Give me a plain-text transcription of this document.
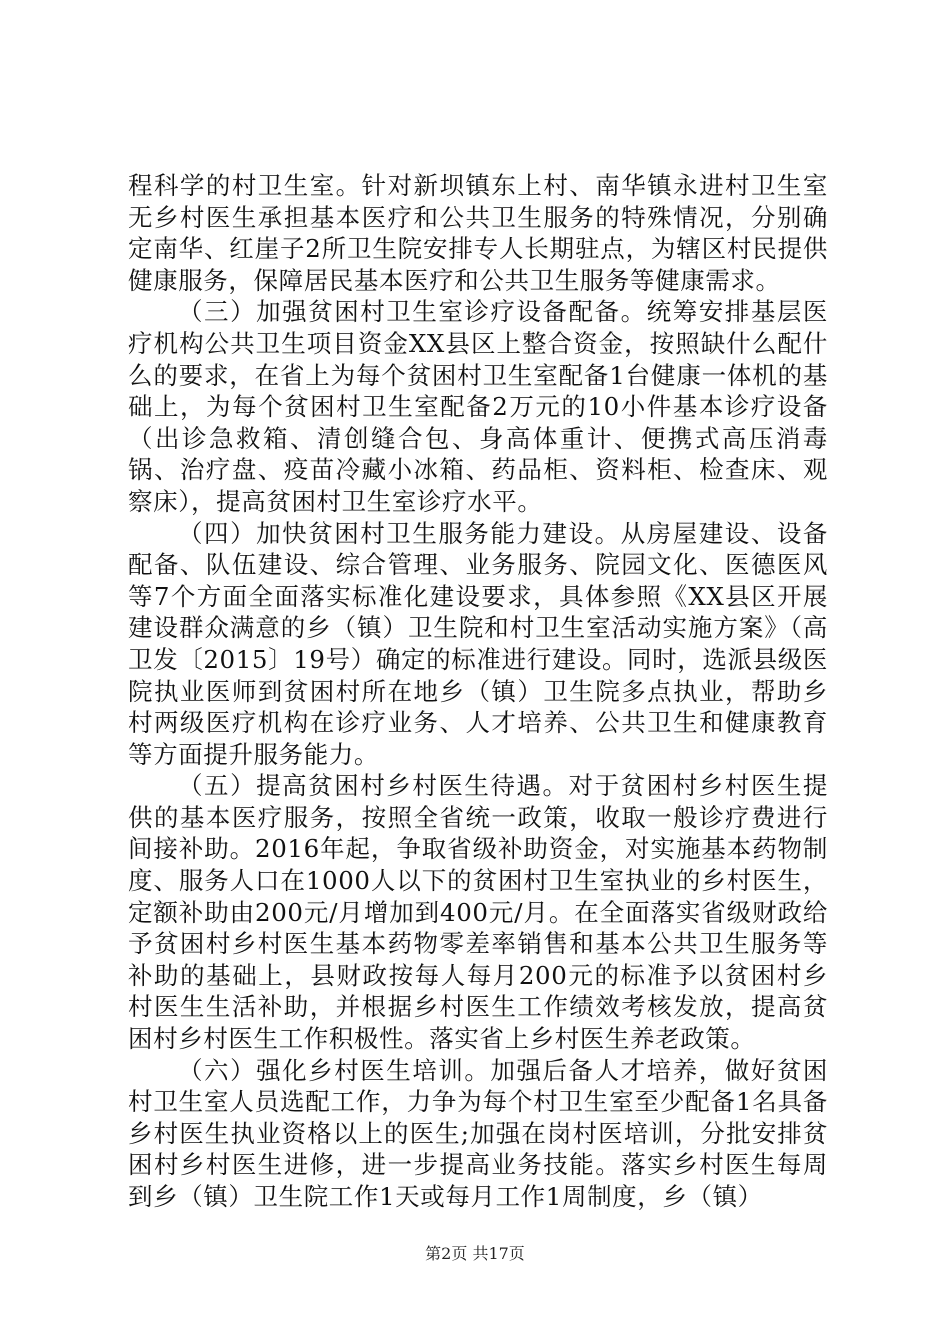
程科学的村卫生室。针对新坝镇东上村、南华镇永进村卫生室无乡村医生承担基本医疗和公共卫生服务的特殊情况，分别确定南华、红崖子2所卫生院安排专人长期驻点，为辖区村民提供健康服务，保障居民基本医疗和公共卫生服务等健康需求。

（三）加强贫困村卫生室诊疗设备配备。统筹安排基层医疗机构公共卫生项目资金XX县区上整合资金，按照缺什么配什么的要求，在省上为每个贫困村卫生室配备1台健康一体机的基础上，为每个贫困村卫生室配备2万元的10小件基本诊疗设备（出诊急救箱、清创缝合包、身高体重计、便携式高压消毒锅、治疗盘、疫苗冷藏小冰箱、药品柜、资料柜、检查床、观察床），提高贫困村卫生室诊疗水平。

（四）加快贫困村卫生服务能力建设。从房屋建设、设备配备、队伍建设、综合管理、业务服务、院园文化、医德医风等7个方面全面落实标准化建设要求，具体参照《XX县区开展建设群众满意的乡（镇）卫生院和村卫生室活动实施方案》（高卫发〔2015〕19号）确定的标准进行建设。同时，选派县级医院执业医师到贫困村所在地乡（镇）卫生院多点执业，帮助乡村两级医疗机构在诊疗业务、人才培养、公共卫生和健康教育等方面提升服务能力。

（五）提高贫困村乡村医生待遇。对于贫困村乡村医生提供的基本医疗服务，按照全省统一政策，收取一般诊疗费进行间接补助。2016年起，争取省级补助资金，对实施基本药物制度、服务人口在1000人以下的贫困村卫生室执业的乡村医生，定额补助由200元/月增加到400元/月。在全面落实省级财政给予贫困村乡村医生基本药物零差率销售和基本公共卫生服务等补助的基础上，县财政按每人每月200元的标准予以贫困村乡村医生生活补助，并根据乡村医生工作绩效考核发放，提高贫困村乡村医生工作积极性。落实省上乡村医生养老政策。

（六）强化乡村医生培训。加强后备人才培养，做好贫困村卫生室人员选配工作，力争为每个村卫生室至少配备1名具备乡村医生执业资格以上的医生;加强在岗村医培训，分批安排贫困村乡村医生进修，进一步提高业务技能。落实乡村医生每周到乡（镇）卫生院工作1天或每月工作1周制度，乡（镇）

第2页 共17页
